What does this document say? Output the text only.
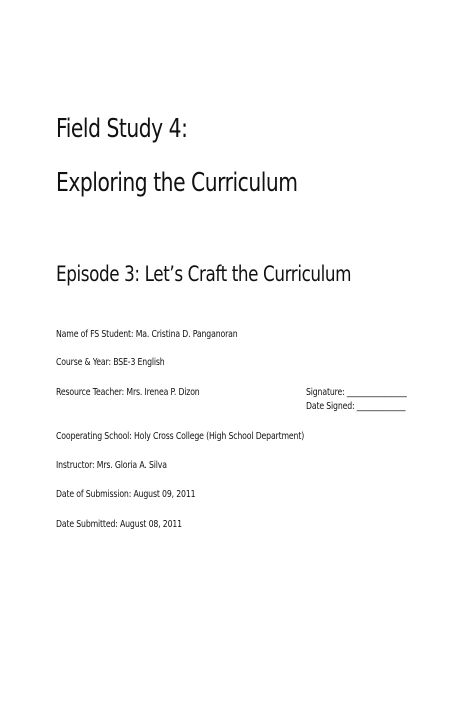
Field Study 4:
Exploring the Curriculum
Episode 3: Let’s Craft the Curriculum
Name of FS Student: Ma. Cristina D. Panganoran
Course & Year: BSE-3 English
Resource Teacher: Mrs. Irenea P. Dizon	Signature: ________________
Date Signed: _____________
Cooperating School: Holy Cross College (High School Department)
Instructor: Mrs. Gloria A. Silva
Date of Submission: August 09, 2011
Date Submitted: August 08, 2011
